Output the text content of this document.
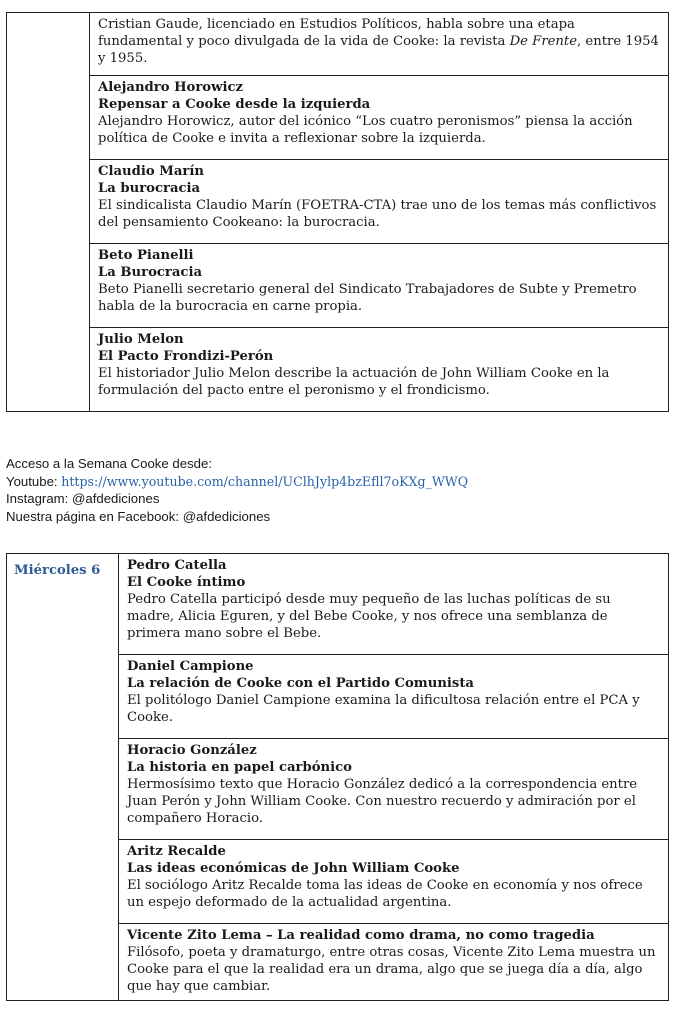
Cristian Gaude, licenciado en Estudios Políticos, habla sobre una etapa fundamental y poco divulgada de la vida de Cooke: la revista De Frente, entre 1954 y 1955.

Alejandro Horowicz
Repensar a Cooke desde la izquierda
Alejandro Horowicz, autor del icónico “Los cuatro peronismos” piensa la acción política de Cooke e invita a reflexionar sobre la izquierda.

Claudio Marín
La burocracia
El sindicalista Claudio Marín (FOETRA-CTA) trae uno de los temas más conflictivos del pensamiento Cookeano: la burocracia.

Beto Pianelli
La Burocracia
Beto Pianelli secretario general del Sindicato Trabajadores de Subte y Premetro habla de la burocracia en carne propia.

Julio Melon
El Pacto Frondizi-Perón
El historiador Julio Melon describe la actuación de John William Cooke en la formulación del pacto entre el peronismo y el frondicismo.
Acceso a la Semana Cooke desde:
Youtube: https://www.youtube.com/channel/UClhJylp4bzEfll7oKXg_WWQ
Instagram: @afdediciones
Nuestra página en Facebook: @afdediciones
Miércoles 6	Pedro Catella
El Cooke íntimo
Pedro Catella participó desde muy pequeño de las luchas políticas de su madre, Alicia Eguren, y del Bebe Cooke, y nos ofrece una semblanza de primera mano sobre el Bebe.

Daniel Campione
La relación de Cooke con el Partido Comunista
El politólogo Daniel Campione examina la dificultosa relación entre el PCA y Cooke.

Horacio González
La historia en papel carbónico
Hermosísimo texto que Horacio González dedicó a la correspondencia entre Juan Perón y John William Cooke. Con nuestro recuerdo y admiración por el compañero Horacio.

Aritz Recalde
Las ideas económicas de John William Cooke
El sociólogo Aritz Recalde toma las ideas de Cooke en economía y nos ofrece un espejo deformado de la actualidad argentina.

Vicente Zito Lema – La realidad como drama, no como tragedia
Filósofo, poeta y dramaturgo, entre otras cosas, Vicente Zito Lema muestra un Cooke para el que la realidad era un drama, algo que se juega día a día, algo que hay que cambiar.
